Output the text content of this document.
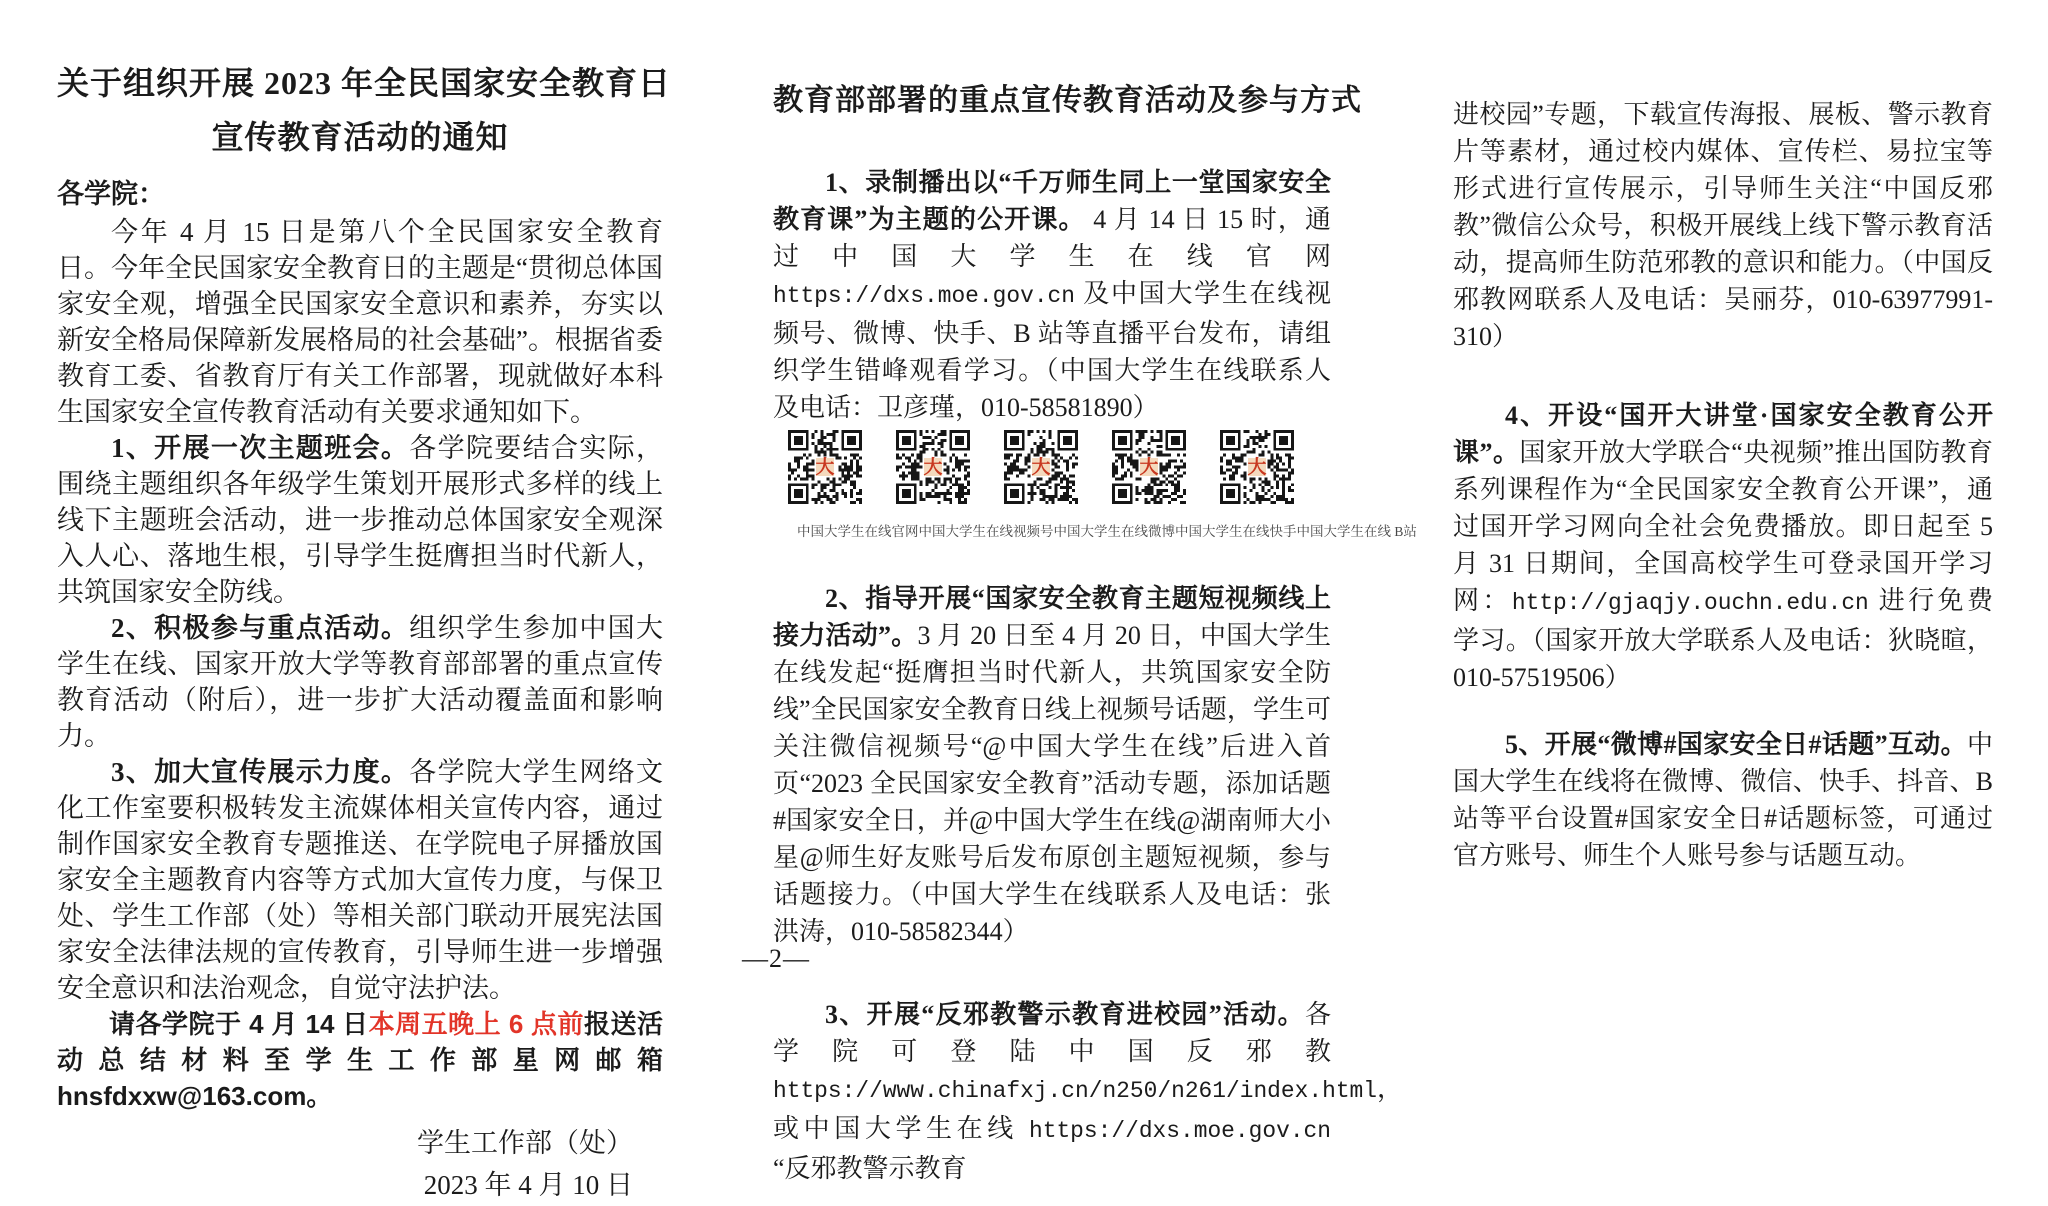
关于组织开展 2023 年全民国家安全教育日
宣传教育活动的通知
各学院：

今年 4 月 15 日是第八个全民国家安全教育日。今年全民国家安全教育日的主题是“贯彻总体国家安全观，增强全民国家安全意识和素养，夯实以新安全格局保障新发展格局的社会基础”。根据省委教育工委、省教育厅有关工作部署，现就做好本科生国家安全宣传教育活动有关要求通知如下。

1、开展一次主题班会。各学院要结合实际，围绕主题组织各年级学生策划开展形式多样的线上线下主题班会活动，进一步推动总体国家安全观深入人心、落地生根，引导学生挺膺担当时代新人，共筑国家安全防线。

2、积极参与重点活动。组织学生参加中国大学生在线、国家开放大学等教育部部署的重点宣传教育活动（附后），进一步扩大活动覆盖面和影响力。

3、加大宣传展示力度。各学院大学生网络文化工作室要积极转发主流媒体相关宣传内容，通过制作国家安全教育专题推送、在学院电子屏播放国家安全主题教育内容等方式加大宣传力度，与保卫处、学生工作部（处）等相关部门联动开展宪法国家安全法律法规的宣传教育，引导师生进一步增强安全意识和法治观念，自觉守法护法。

请各学院于 4 月 14 日本周五晚上 6 点前报送活动总结材料至学生工作部星网邮箱 hnsfdxxw@163.com。

学生工作部（处）
2023 年 4 月 10 日
教育部部署的重点宣传教育活动及参与方式

1、录制播出以“千万师生同上一堂国家安全教育课”为主题的公开课。 4 月 14 日 15 时，通过中国大学生在线官网 https://dxs.moe.gov.cn 及中国大学生在线视频号、微博、快手、B 站等直播平台发布，请组织学生错峰观看学习。（中国大学生在线联系人及电话：卫彦瑾，010-58581890）

大	大	大	大	大
中国大学生在线官网 中国大学生在线视频号 中国大学生在线微博 中国大学生在线快手 中国大学生在线 B站

2、指导开展“国家安全教育主题短视频线上接力活动”。3 月 20 日至 4 月 20 日，中国大学生在线发起“挺膺担当时代新人，共筑国家安全防线”全民国家安全教育日线上视频号话题，学生可关注微信视频号“@中国大学生在线”后进入首页“2023 全民国家安全教育”活动专题，添加话题 #国家安全日，并@中国大学生在线@湖南师大小星@师生好友账号后发布原创主题短视频，参与话题接力。（中国大学生在线联系人及电话：张洪涛，010-58582344）

3、开展“反邪教警示教育进校园”活动。各学院可登陆中国反邪教 https://www.chinafxj.cn/n250/n261/index.html，或中国大学生在线 https://dxs.moe.gov.cn “反邪教警示教育

进校园”专题，下载宣传海报、展板、警示教育片等素材，通过校内媒体、宣传栏、易拉宝等形式进行宣传展示，引导师生关注“中国反邪教”微信公众号，积极开展线上线下警示教育活动，提高师生防范邪教的意识和能力。（中国反邪教网联系人及电话：吴丽芬，010-63977991-310）

4、开设“国开大讲堂·国家安全教育公开课”。国家开放大学联合“央视频”推出国防教育系列课程作为“全民国家安全教育公开课”，通过国开学习网向全社会免费播放。即日起至 5 月 31 日期间，全国高校学生可登录国开学习网：http://gjaqjy.ouchn.edu.cn 进行免费学习。（国家开放大学联系人及电话：狄晓暄，010-57519506）

5、开展“微博#国家安全日#话题”互动。中国大学生在线将在微博、微信、快手、抖音、B 站等平台设置#国家安全日#话题标签，可通过官方账号、师生个人账号参与话题互动。

—2—
